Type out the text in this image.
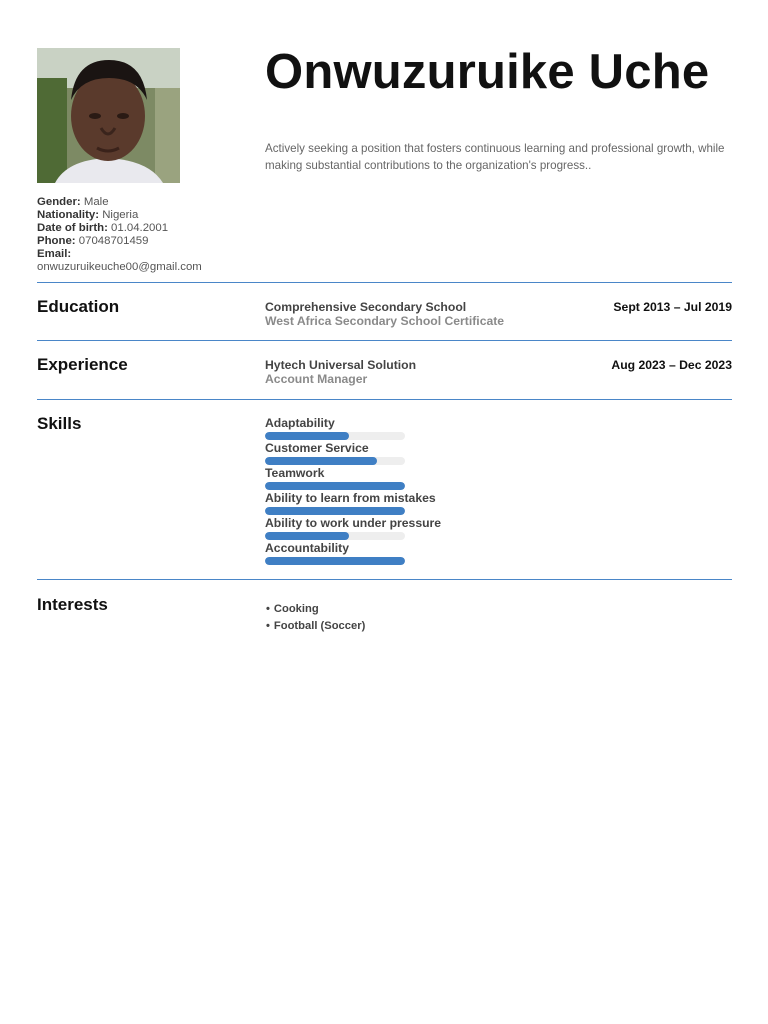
Onwuzuruike Uche
Actively seeking a position that fosters continuous learning and professional growth, while making substantial contributions to the organization's progress..
Gender: Male
Nationality: Nigeria
Date of birth: 01.04.2001
Phone: 07048701459
Email:
onwuzuruikeuche00@gmail.com
Education	Comprehensive Secondary School
West Africa Secondary School Certificate
Sept 2013 – Jul 2019
Experience	Hytech Universal Solution
Account Manager
Aug 2023 – Dec 2023
Skills	Adaptability
Customer Service
Teamwork
Ability to learn from mistakes
Ability to work under pressure
Accountability
Interests	• Cooking
• Football (Soccer)
